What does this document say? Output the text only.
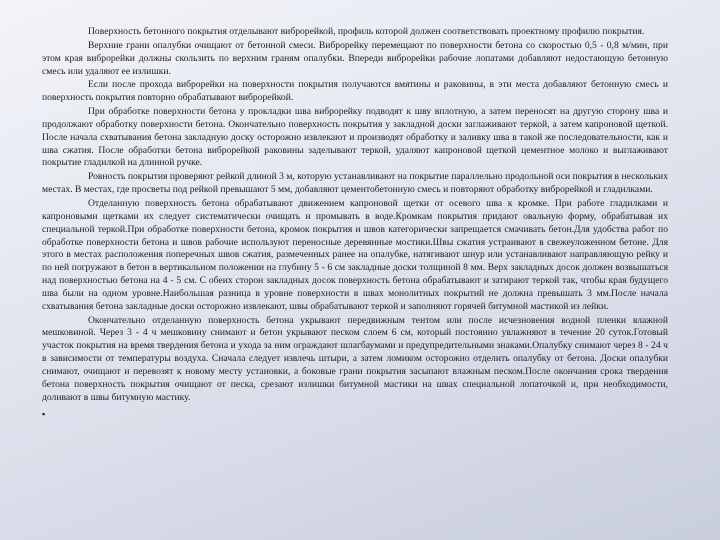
Поверхность бетонного покрытия отделывают виброрейкой, профиль которой должен соответствовать проектному профилю покрытия.

Верхние грани опалубки очищают от бетонной смеси. Виброрейку перемещают по поверхности бетона со скоростью 0,5 - 0,8 м/мин, при этом края виброрейки должны скользить по верхним граням опалубки. Впереди виброрейки рабочие лопатами добавляют недостающую бетонную смесь или удаляют ее излишки.

Если после прохода виброрейки на поверхности покрытия получаются вмятины и раковины, в эти места добавляют бетонную смесь и поверхность покрытия повторно обрабатывают виброрейкой.

При обработке поверхности бетона у прокладки шва виброрейку подводят к шву вплотную, а затем переносят на другую сторону шва и продолжают обработку поверхности бетона. Окончательно поверхность покрытия у закладной доски заглаживают теркой, а затем капроновой щеткой. После начала схватывания бетона закладную доску осторожно извлекают и производят обработку и заливку шва в такой же последовательности, как и шва сжатия. После обработки бетона виброрейкой раковины заделывают теркой, удаляют капроновой щеткой цементное молоко и выглаживают покрытие гладилкой на длинной ручке.

Ровность покрытия проверяют рейкой длиной 3 м, которую устанавливают на покрытие параллельно продольной оси покрытия в нескольких местах. В местах, где просветы под рейкой превышают 5 мм, добавляют цементобетонную смесь и повторяют обработку виброрейкой и гладилками.

Отделанную поверхность бетона обрабатывают движением капроновой щетки от осевого шва к кромке. При работе гладилками и капроновыми щетками их следует систематически очищать и промывать в воде.Кромкам покрытия придают овальную форму, обрабатывая их специальной теркой.При обработке поверхности бетона, кромок покрытия и швов категорически запрещается смачивать бетон.Для удобства работ по обработке поверхности бетона и швов рабочие используют переносные деревянные мостики.Швы сжатия устраивают в свежеуложенном бетоне. Для этого в местах расположения поперечных швов сжатия, размеченных ранее на опалубке, натягивают шнур или устанавливают направляющую рейку и по ней погружают в бетон в вертикальном положении на глубину 5 - 6 см закладные доски толщиной 8 мм. Верх закладных досок должен возвышаться над поверхностью бетона на 4 - 5 см. С обеих сторон закладных досок поверхность бетона обрабатывают и затирают теркой так, чтобы края будущего шва были на одном уровне.Наибольшая разница в уровне поверхности в швах монолитных покрытий не должна превышать 3 мм.После начала схватывания бетона закладные доски осторожно извлекают, швы обрабатывают теркой и заполняют горячей битумной мастикой из лейки.

Окончательно отделанную поверхность бетона укрывают передвижным тентом или после исчезновения водной пленки влажной мешковиной. Через 3 - 4 ч мешковину снимают и бетон укрывают песком слоем 6 см, который постоянно увлажняют в течение 20 суток.Готовый участок покрытия на время твердения бетона и ухода за ним ограждают шлагбаумами и предупредительными знаками.Опалубку снимают через 8 - 24 ч в зависимости от температуры воздуха. Сначала следует извлечь штыри, а затем ломиком осторожно отделить опалубку от бетона. Доски опалубки снимают, очищают и перевозят к новому месту установки, а боковые грани покрытия засыпают влажным песком.После окончания срока твердения бетона поверхность покрытия очищают от песка, срезают излишки битумной мастики на швах специальной лопаточкой и, при необходимости, доливают в швы битумную мастику.

▪
